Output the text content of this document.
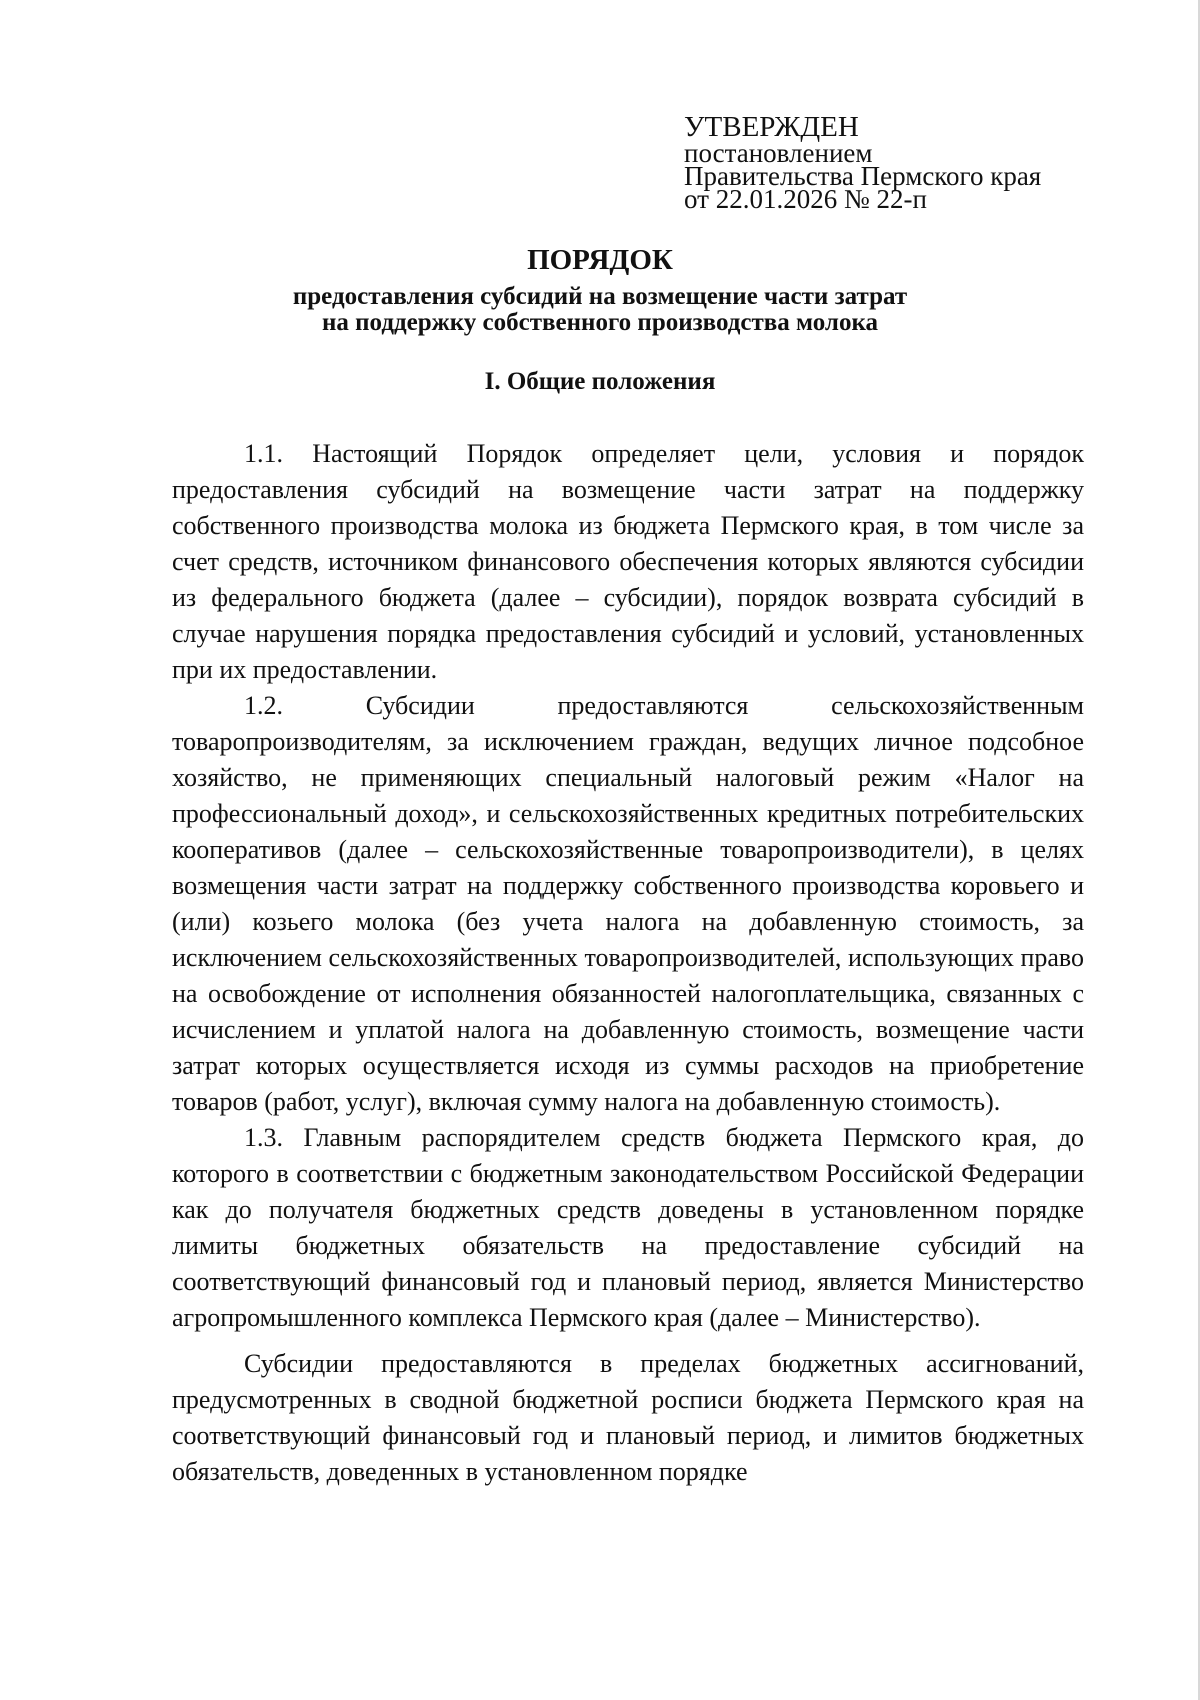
УТВЕРЖДЕН
постановлением
Правительства Пермского края
от 22.01.2026 № 22-п
ПОРЯДОК
предоставления субсидий на возмещение части затрат
на поддержку собственного производства молока
I. Общие положения

1.1. Настоящий Порядок определяет цели, условия и порядок предоставления субсидий на возмещение части затрат на поддержку собственного производства молока из бюджета Пермского края, в том числе за счет средств, источником финансового обеспечения которых являются субсидии из федерального бюджета (далее – субсидии), порядок возврата субсидий в случае нарушения порядка предоставления субсидий и условий, установленных при их предоставлении.

1.2. Субсидии предоставляются сельскохозяйственным товаропроизводителям, за исключением граждан, ведущих личное подсобное хозяйство, не применяющих специальный налоговый режим «Налог на профессиональный доход», и сельскохозяйственных кредитных потребительских кооперативов (далее – сельскохозяйственные товаропроизводители), в целях возмещения части затрат на поддержку собственного производства коровьего и (или) козьего молока (без учета налога на добавленную стоимость, за исключением сельскохозяйственных товаропроизводителей, использующих право на освобождение от исполнения обязанностей налогоплательщика, связанных с исчислением и уплатой налога на добавленную стоимость, возмещение части затрат которых осуществляется исходя из суммы расходов на приобретение товаров (работ, услуг), включая сумму налога на добавленную стоимость).

1.3. Главным распорядителем средств бюджета Пермского края, до которого в соответствии с бюджетным законодательством Российской Федерации как до получателя бюджетных средств доведены в установленном порядке лимиты бюджетных обязательств на предоставление субсидий на соответствующий финансовый год и плановый период, является Министерство агропромышленного комплекса Пермского края (далее – Министерство).

Субсидии предоставляются в пределах бюджетных ассигнований, предусмотренных в сводной бюджетной росписи бюджета Пермского края на соответствующий финансовый год и плановый период, и лимитов бюджетных обязательств, доведенных в установленном порядке
